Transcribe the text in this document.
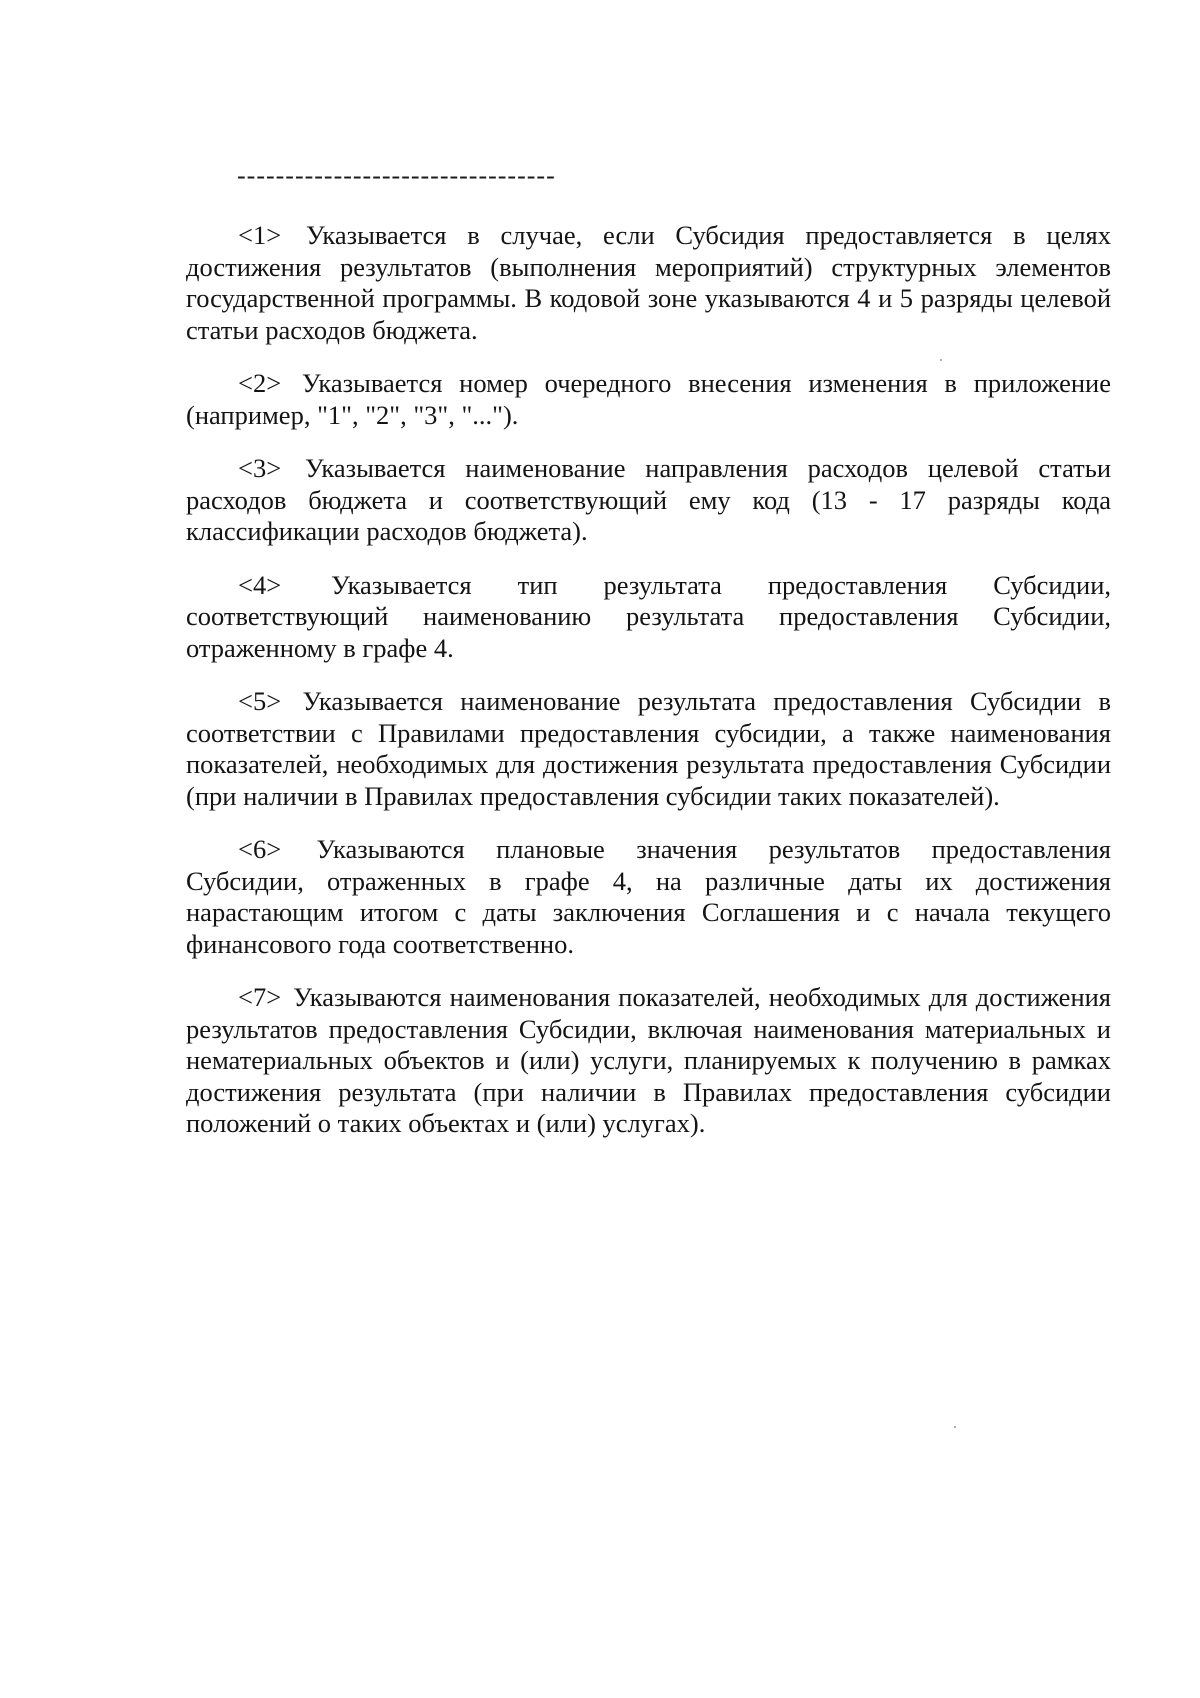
---------------------------------

<1> Указывается в случае, если Субсидия предоставляется в целях достижения результатов (выполнения мероприятий) структурных элементов государственной программы. В кодовой зоне указываются 4 и 5 разряды целевой статьи расходов бюджета.

<2> Указывается номер очередного внесения изменения в приложение (например, "1", "2", "3", "...").

<3> Указывается наименование направления расходов целевой статьи расходов бюджета и соответствующий ему код (13 - 17 разряды кода классификации расходов бюджета).

<4> Указывается тип результата предоставления Субсидии, соответствующий наименованию результата предоставления Субсидии, отраженному в графе 4.

<5> Указывается наименование результата предоставления Субсидии в соответствии с Правилами предоставления субсидии, а также наименования показателей, необходимых для достижения результата предоставления Субсидии (при наличии в Правилах предоставления субсидии таких показателей).

<6> Указываются плановые значения результатов предоставления Субсидии, отраженных в графе 4, на различные даты их достижения нарастающим итогом с даты заключения Соглашения и с начала текущего финансового года соответственно.

<7> Указываются наименования показателей, необходимых для достижения результатов предоставления Субсидии, включая наименования материальных и нематериальных объектов и (или) услуги, планируемых к получению в рамках достижения результата (при наличии в Правилах предоставления субсидии положений о таких объектах и (или) услугах).
